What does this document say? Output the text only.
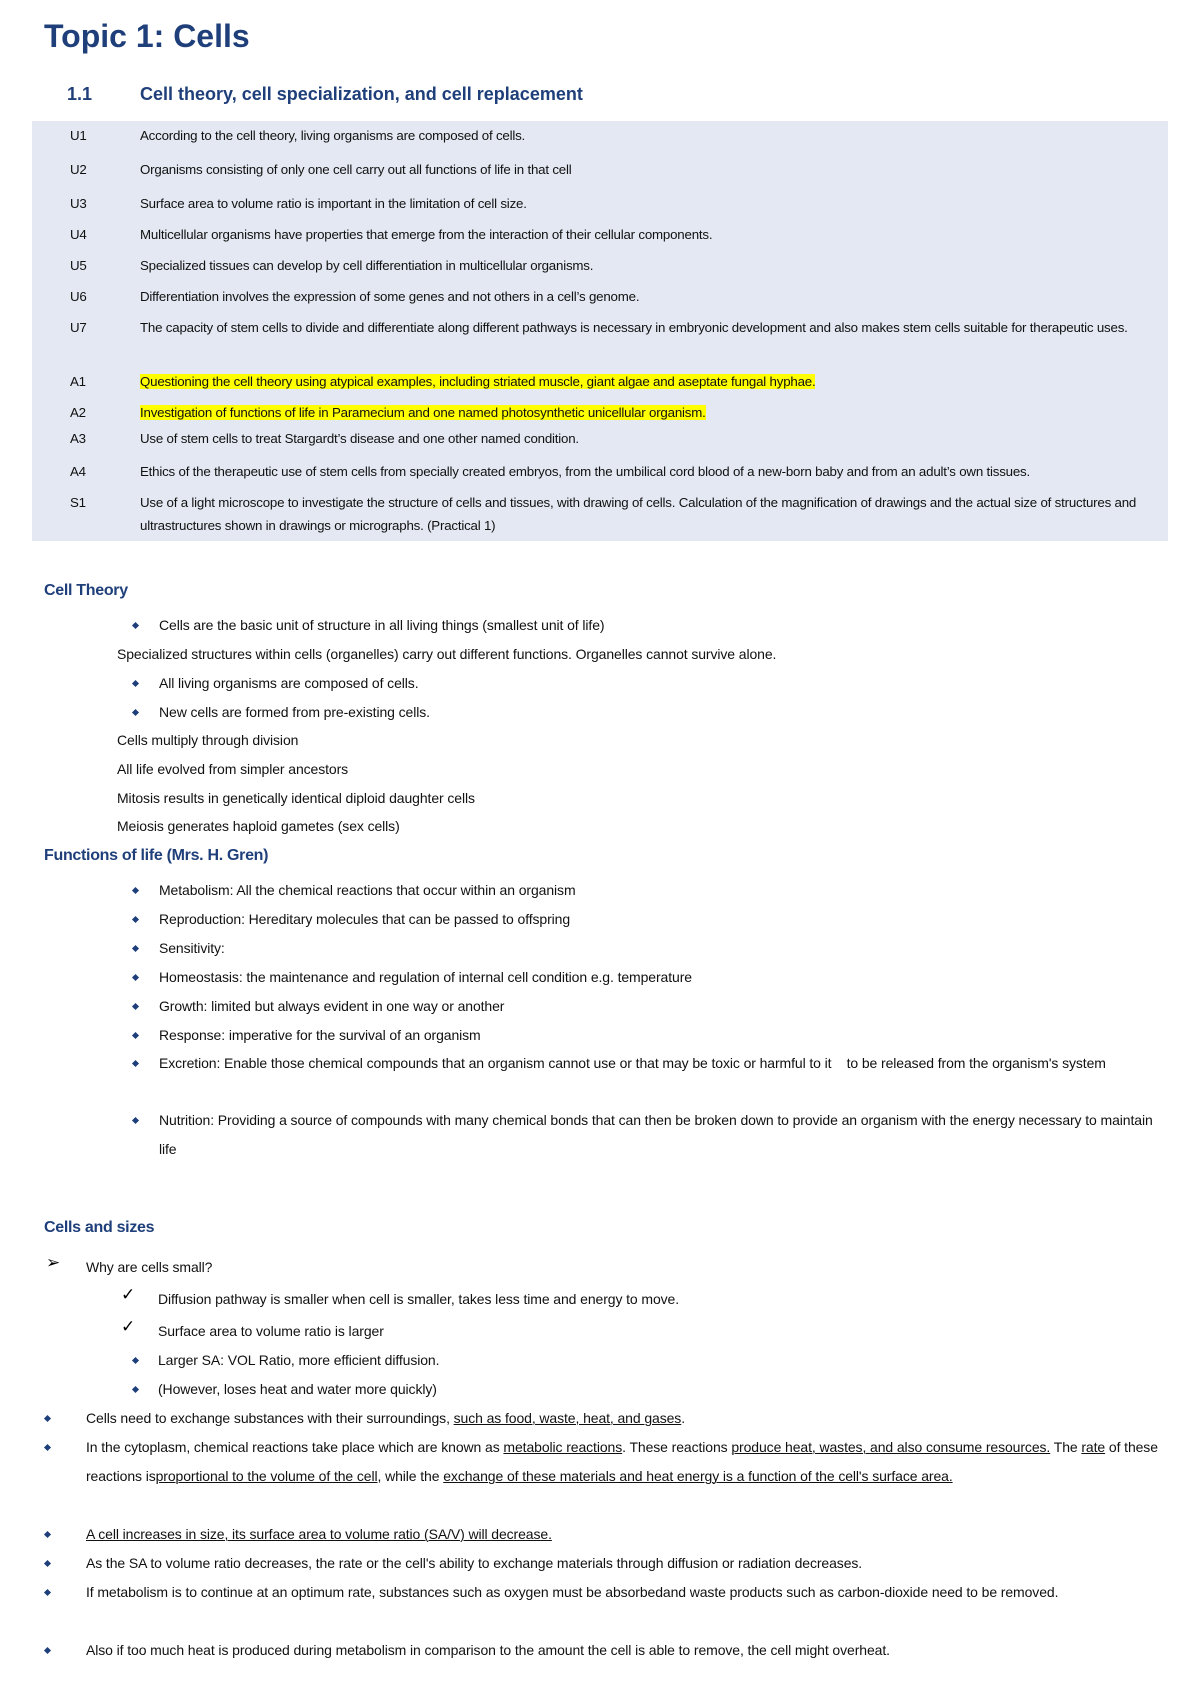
Topic 1: Cells
1.1	Cell theory, cell specialization, and cell replacement
U1	According to the cell theory, living organisms are composed of cells.
U2	Organisms consisting of only one cell carry out all functions of life in that cell
U3	Surface area to volume ratio is important in the limitation of cell size.
U4	Multicellular organisms have properties that emerge from the interaction of their cellular components.
U5	Specialized tissues can develop by cell differentiation in multicellular organisms.
U6	Differentiation involves the expression of some genes and not others in a cell’s genome.
U7	The capacity of stem cells to divide and differentiate along different pathways is necessary in embryonic development and also makes stem cells suitable for therapeutic uses.
A1	Questioning the cell theory using atypical examples, including striated muscle, giant algae and aseptate fungal hyphae.
A2	Investigation of functions of life in Paramecium and one named photosynthetic unicellular organism.
A3	Use of stem cells to treat Stargardt’s disease and one other named condition.
A4	Ethics of the therapeutic use of stem cells from specially created embryos, from the umbilical cord blood of a new-born baby and from an adult’s own tissues.
S1	Use of a light microscope to investigate the structure of cells and tissues, with drawing of cells. Calculation of the magnification of drawings and the actual size of structures and ultrastructures shown in drawings or micrographs. (Practical 1)
Cell Theory
Cells are the basic unit of structure in all living things (smallest unit of life)
Specialized structures within cells (organelles) carry out different functions. Organelles cannot survive alone.
All living organisms are composed of cells.
New cells are formed from pre-existing cells.
Cells multiply through division
All life evolved from simpler ancestors
Mitosis results in genetically identical diploid daughter cells
Meiosis generates haploid gametes (sex cells)
Functions of life (Mrs. H. Gren)
Metabolism: All the chemical reactions that occur within an organism
Reproduction: Hereditary molecules that can be passed to offspring
Sensitivity:
Homeostasis: the maintenance and regulation of internal cell condition e.g. temperature
Growth: limited but always evident in one way or another
Response: imperative for the survival of an organism
Excretion: Enable those chemical compounds that an organism cannot use or that may be toxic or harmful to it    to be released from the organism's system
Nutrition: Providing a source of compounds with many chemical bonds that can then be broken down to provide an organism with the energy necessary to maintain life
Cells and sizes
➢ Why are cells small?
✓ Diffusion pathway is smaller when cell is smaller, takes less time and energy to move.
✓ Surface area to volume ratio is larger
Larger SA: VOL Ratio, more efficient diffusion.
(However, loses heat and water more quickly)
Cells need to exchange substances with their surroundings, such as food, waste, heat, and gases.
In the cytoplasm, chemical reactions take place which are known as metabolic reactions. These reactions produce heat, wastes, and also consume resources. The rate of these reactions isproportional to the volume of the cell, while the exchange of these materials and heat energy is a function of the cell's surface area.
A cell increases in size, its surface area to volume ratio (SA/V) will decrease.
As the SA to volume ratio decreases, the rate or the cell's ability to exchange materials through diffusion or radiation decreases.
If metabolism is to continue at an optimum rate, substances such as oxygen must be absorbedand waste products such as carbon-dioxide need to be removed.
Also if too much heat is produced during metabolism in comparison to the amount the cell is able to remove, the cell might overheat.
